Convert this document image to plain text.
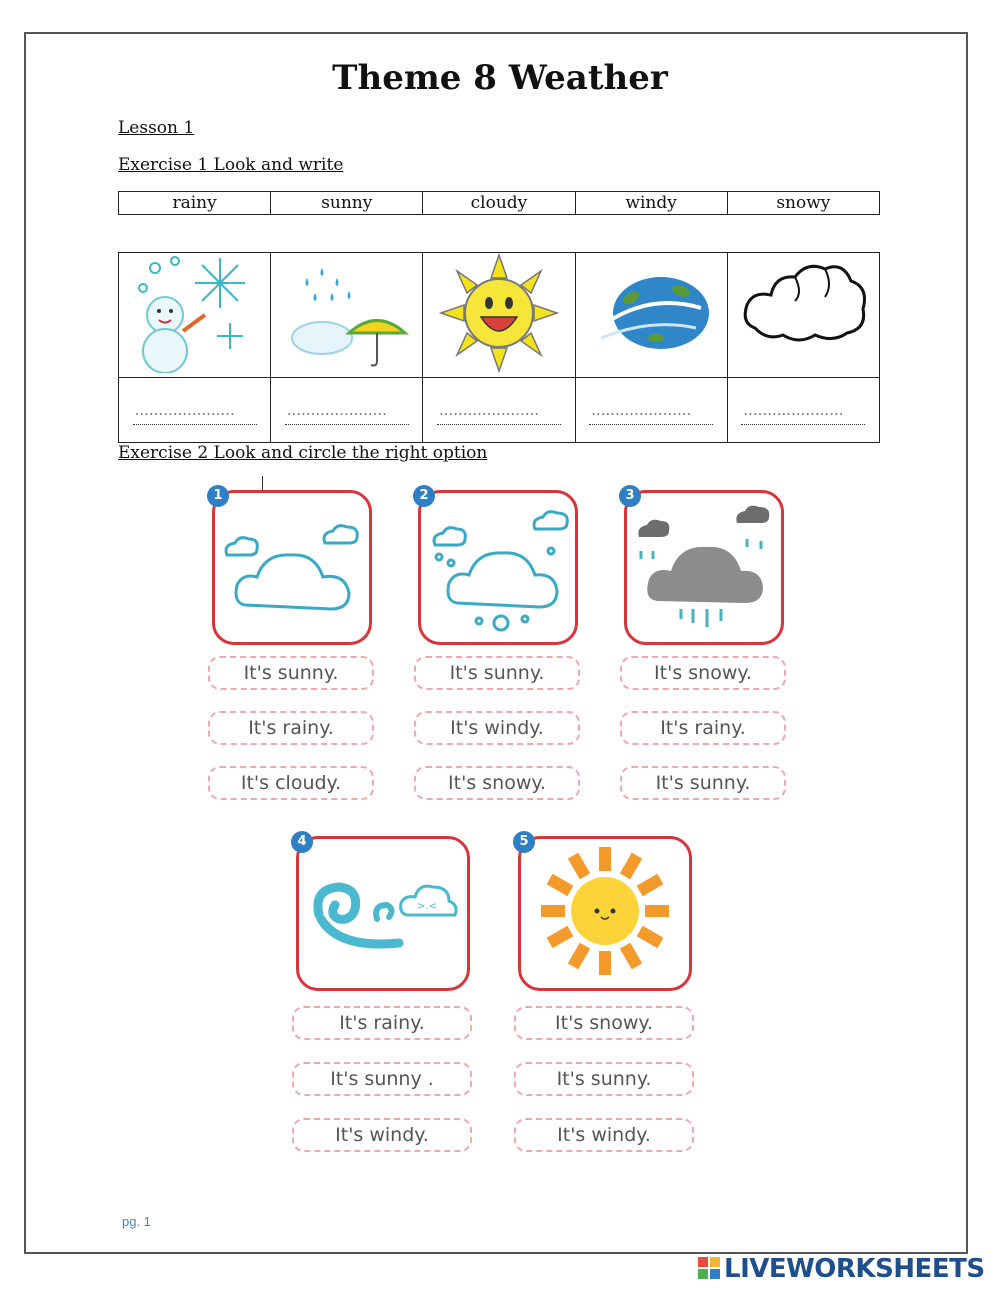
Theme 8 Weather
Lesson 1
Exercise 1 Look and write
rainy	sunny	cloudy	windy	snowy

.....................	.....................	.....................	.....................	.....................
Exercise 2 Look and circle the right option
1
It's sunny.
It's rainy.
It's cloudy.
2
It's sunny.
It's windy.
It's snowy.
3
It's snowy.
It's rainy.
It's sunny.
>.<
4
It's rainy.
It's sunny .
It's windy.
5
It's snowy.
It's sunny.
It's windy.
pg. 1
LIVEWORKSHEETS
